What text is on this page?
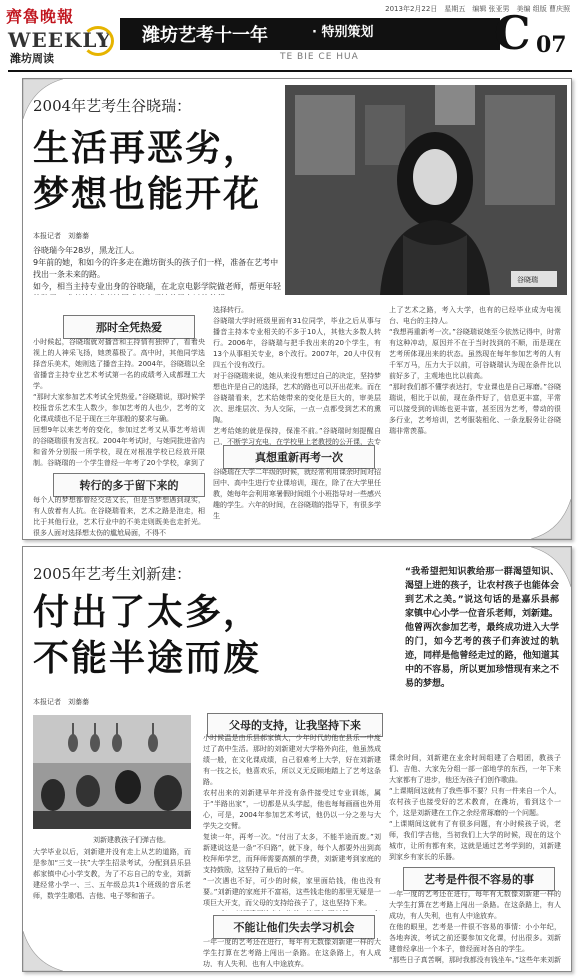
齊魯晚報
WEEKLY
潍坊周读
2013年2月22日　星期五　编辑 张亚男　美编 组版 曹庆照
潍坊艺考十一年	· 特别策划
TE BIE CE HUA	C 07
2004年艺考生谷晓瑞：
生活再恶劣，
梦想也能开花
谷晓瑞
本报记者　刘蓁蓁
谷晓瑞今年28岁，黑龙江人。
9年前的她，和如今的许多走在潍坊街头的孩子们一样，准备在艺考中找出一条未来的路。
如今，相当主持专业出身的谷晓瑞，在北京电影学院做老师，帮更年轻
那时全凭热爱
小时候起，谷晓瑞就对播音和主持情有独钟了，看着央视上的人神采飞扬，她羡慕极了。高中时，其他同学选择音乐美术，她则选了播音主持。2004年，谷晓瑞以全省播音主持专业艺术考试第一名的成绩考入成都理工大学。
“那时大家参加艺术考试全凭热爱。”谷晓瑞说，那时候学校报音乐艺术生人数少，参加艺考的人也少，艺考的文化课成绩也不足于现在三年那般的要求与确。
回想9年以来艺考的变化，参加过艺考又从事艺考培训的谷晓瑞很有发言权。2004年考试时，与她同批进省内和省外分别报一所学校，现在对根准学校已经放开限制。谷晓瑞的一个学生曾经一年考了20个学校，拿到了
转行的多于留下来的
每个人的梦想都曾经交迭又长，但是当梦想遇到现实，有人放着有人抗。在谷晓瑞看来，艺术之路是泡走，相比于其他行业，艺术行业中的不美走则既美也走折光。很多人面对选择想太伤的尴尬局面，不得不
选择转行。
谷晓瑞大学时班级里面有31位同学，毕业之后从事与播音主持本专业相关的不多于10人，其他大多数人转行。2006年，谷晓瑞与把手我出来的20个学生，有13个从事相关专业，8个改行。2007年，20人中仅有四五个没有改行。
对于谷晓瑞来说，她从来没有想过自己的决定，坚持梦想也许是自己的选择，艺术的路也可以开出花来。而在谷晓瑞看来，艺术给她带来的变化是巨大的，审美层次、思维层次、为人交际，一点一点都受到艺术的熏陶。
艺考给她的就是保持，保准不前。”谷晓瑞时刻提醒自己，不断学习充电，在学校里上老教授的公开课，去专
真想重新再考一次
谷晓瑞在大学二年级的时候，就经常利用课余时间对招回中、高中生进行专业课培训，现在，除了在大学里任教，她每年会利用寒暑假时间组个小班指导对一些感兴趣的学生。六年的时间，在谷晓瑞的指导下，有很多学生
上了艺术之路，考入大学，也有的已经毕业成为电视台、电台的主持人。
“我想再重新考一次。”谷晓瑞说她至今依然记得中，时常有这种冲动，原因并不在于当时找到的不顺，而是现在艺考所体现出来的状态。虽然现在每年参加艺考的人有千军万马，压力大于以前，可谷晓瑞认为现在条件比以前好多了，主观地也比以前高。
“那时我们都不懂学表达打，专业课也是自己琢磨。”谷晓瑞说，相比于以前，现在条件好了，信息更丰富，平常可以接受到的训练也更丰富，甚至因为艺考，带动的很多行业，艺考培训，艺考服装租化、一条龙服务让谷晓瑞非常羡慕。
2005年艺考生刘新建：
付出了太多，
不能半途而废
本报记者　刘蓁蓁
“我希望把知识教给那一群渴望知识、渴望上进的孩子，让农村孩子也能体会到艺术之美。”说这句话的是嘉乐县郝家镇中心小学一位音乐老师，刘新建。
他曾两次参加艺考，最终成功进入大学的门，如今艺考的孩子们奔波过的轨迹，同样是他曾经走过的路，他知道其中的不容易，所以更加珍惜现有来之不易的梦想。
刘新建教孩子们弹吉他。
父母的支持，让我坚持下来
小时候温是由乐县郝家镇人，少年时代的他在县乐一中度过了高中生活。那时的刘新建对大学格外向往，他虽然成绩一般，在文化课成绩，自己很难考上大学，好在刘新建有一技之长，他喜欢乐，所以义无反顾地踏上了艺考这条路。
农村出来的刘新建早年并没有条件接受过专业训练，属于“半路出家”，一切都是从头学起，他也每每画画也外用心，可是，2004年参加艺术考试，他仍以一分之差与大学失之交臂。
复读一年，再考一次。“付出了太多，不能半途而废。”刘新建说这是一条“不归路”，就下身，每个人都要外出到高校拜师学艺，而拜师需要高额的学费，刘新建考到家庭的支持鼓励，这坚持了最后的一年。
“一次遇也不好，可少的时候，家里面给钱，他也没有要。”刘新建的家庭并不富裕，这些钱走他的那里无疑是一项巨大开支，而父母的支持给孩子了，这也坚持下来。

大学毕业以后，刘新建并没有走上从艺的道路，而是参加“三支一扶”大学生招录考试，分配到县乐县郝家镇中心小学支教，为了不忘自己的专业，刘新建经常小学一、三、五年级总共1个班级的音乐老师，数学生歌唱、吉他、电子琴和笛子。
不能让他们失去学习机会
一年一度的艺考还在进行，每年有无数像刘新建一样的大学生打算在艺考路上闯出一条路。在这条路上，有人成功，有人失利，也有人中途放弃。

课余时间，刘新建在业余时间组建了合唱团，教孩子们、吉他、大家先分组一部一部地学的东西，一年下来大家都有了进步，他还为孩子们创作歌曲。
“上课期间这就有了我些事不要？只有一件来自一个人，农村孩子也接受好的艺术教育，在潍坊，看到这个一个，这是刘新建在工作之余经常琢磨的一个问题。
“上课期间这就有了有很多问题，有小时候孩子说，老师，我们学吉他，当初我们上大学的时候，现在的这个城市，让所有都有来，这就是通过艺考学到的，刘新建到家乡有家长的乐器。
艺考是件很不容易的事
一年一度的艺考还在进行，每年有无数像刘新建一样的大学生打算在艺考路上闯出一条路。在这条路上，有人成功，有人失利，也有人中途放弃。
在他的眼里，艺考是一件很不容易的事情：小小年纪，各地奔波，考试之前还要参加文化课，付出很多。刘新建曾经拿出一个本子，曾经面对各自的学生。
“那些日子真苦啊，那时我都没有钱坐车。”这些年来刘新
